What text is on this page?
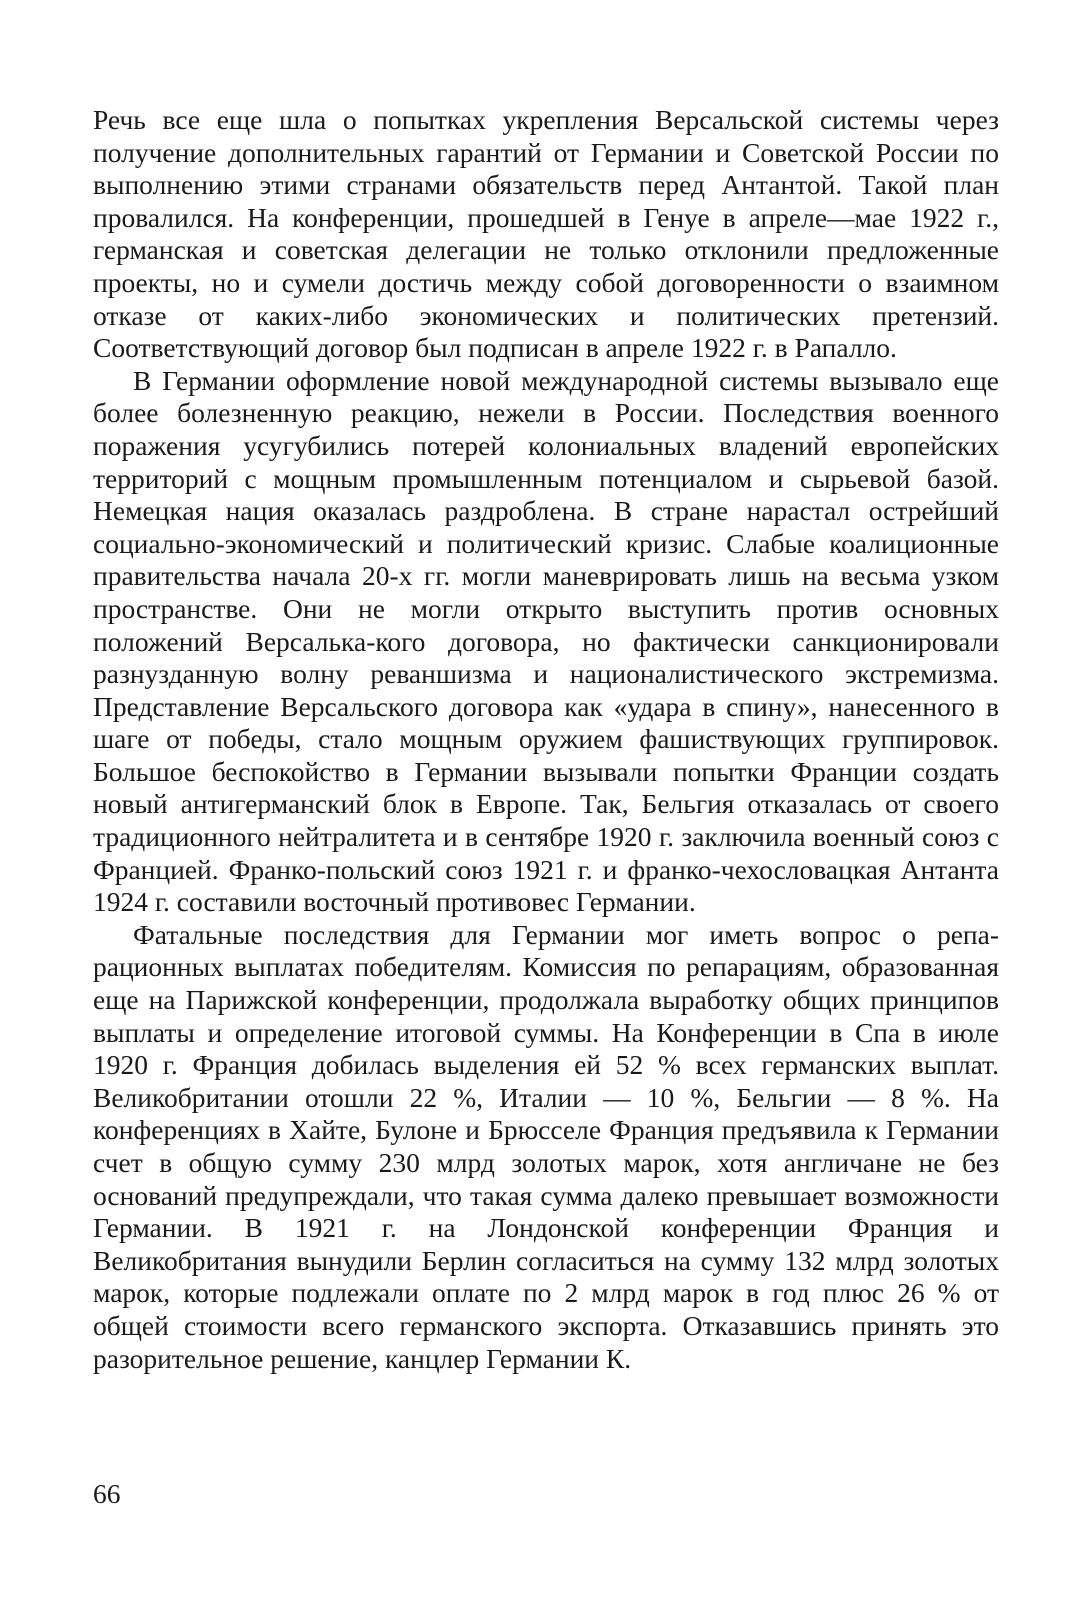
Речь все еще шла о попытках укрепления Версальской системы через получение дополнительных гарантий от Германии и Советской России по выполнению этими странами обязательств перед Антантой. Такой план провалился. На конференции, прошедшей в Генуе в апреле—мае 1922 г., германская и советская делегации не только отклонили предложенные проекты, но и сумели достичь между собой договоренности о взаимном отказе от каких-либо экономических и политических претензий. Соответствующий договор был подписан в апреле 1922 г. в Рапалло.

В Германии оформление новой международной системы вызывало еще более болезненную реакцию, нежели в России. Последствия военного поражения усугубились потерей колониальных владений европейских территорий с мощным промышленным потенциалом и сырьевой базой. Немецкая нация оказалась раздроблена. В стране нарастал острейший социально-экономический и политический кризис. Слабые коалиционные правительства начала 20-х гг. могли маневрировать лишь на весьма узком пространстве. Они не могли открыто выступить против основных положений Версалька-кого договора, но фактически санкционировали разнузданную волну реваншизма и националистического экстремизма. Представление Версальского договора как «удара в спину», нанесенного в шаге от победы, стало мощным оружием фашиствующих группировок. Большое беспокойство в Германии вызывали попытки Франции создать новый антигерманский блок в Европе. Так, Бельгия отказалась от своего традиционного нейтралитета и в сентябре 1920 г. заключила военный союз с Францией. Франко-польский союз 1921 г. и франко-чехословацкая Антанта 1924 г. составили восточный противовес Германии.

Фатальные последствия для Германии мог иметь вопрос о репарационных выплатах победителям. Комиссия по репарациям, образованная еще на Парижской конференции, продолжала выработку общих принципов выплаты и определение итоговой суммы. На Конференции в Спа в июле 1920 г. Франция добилась выделения ей 52 % всех германских выплат. Великобритании отошли 22 %, Италии — 10 %, Бельгии — 8 %. На конференциях в Хайте, Булоне и Брюсселе Франция предъявила к Германии счет в общую сумму 230 млрд золотых марок, хотя англичане не без оснований предупреждали, что такая сумма далеко превышает возможности Германии. В 1921 г. на Лондонской конференции Франция и Великобритания вынудили Берлин согласиться на сумму 132 млрд золотых марок, которые подлежали оплате по 2 млрд марок в год плюс 26 % от общей стоимости всего германского экспорта. Отказавшись принять это разорительное решение, канцлер Германии К.

66
